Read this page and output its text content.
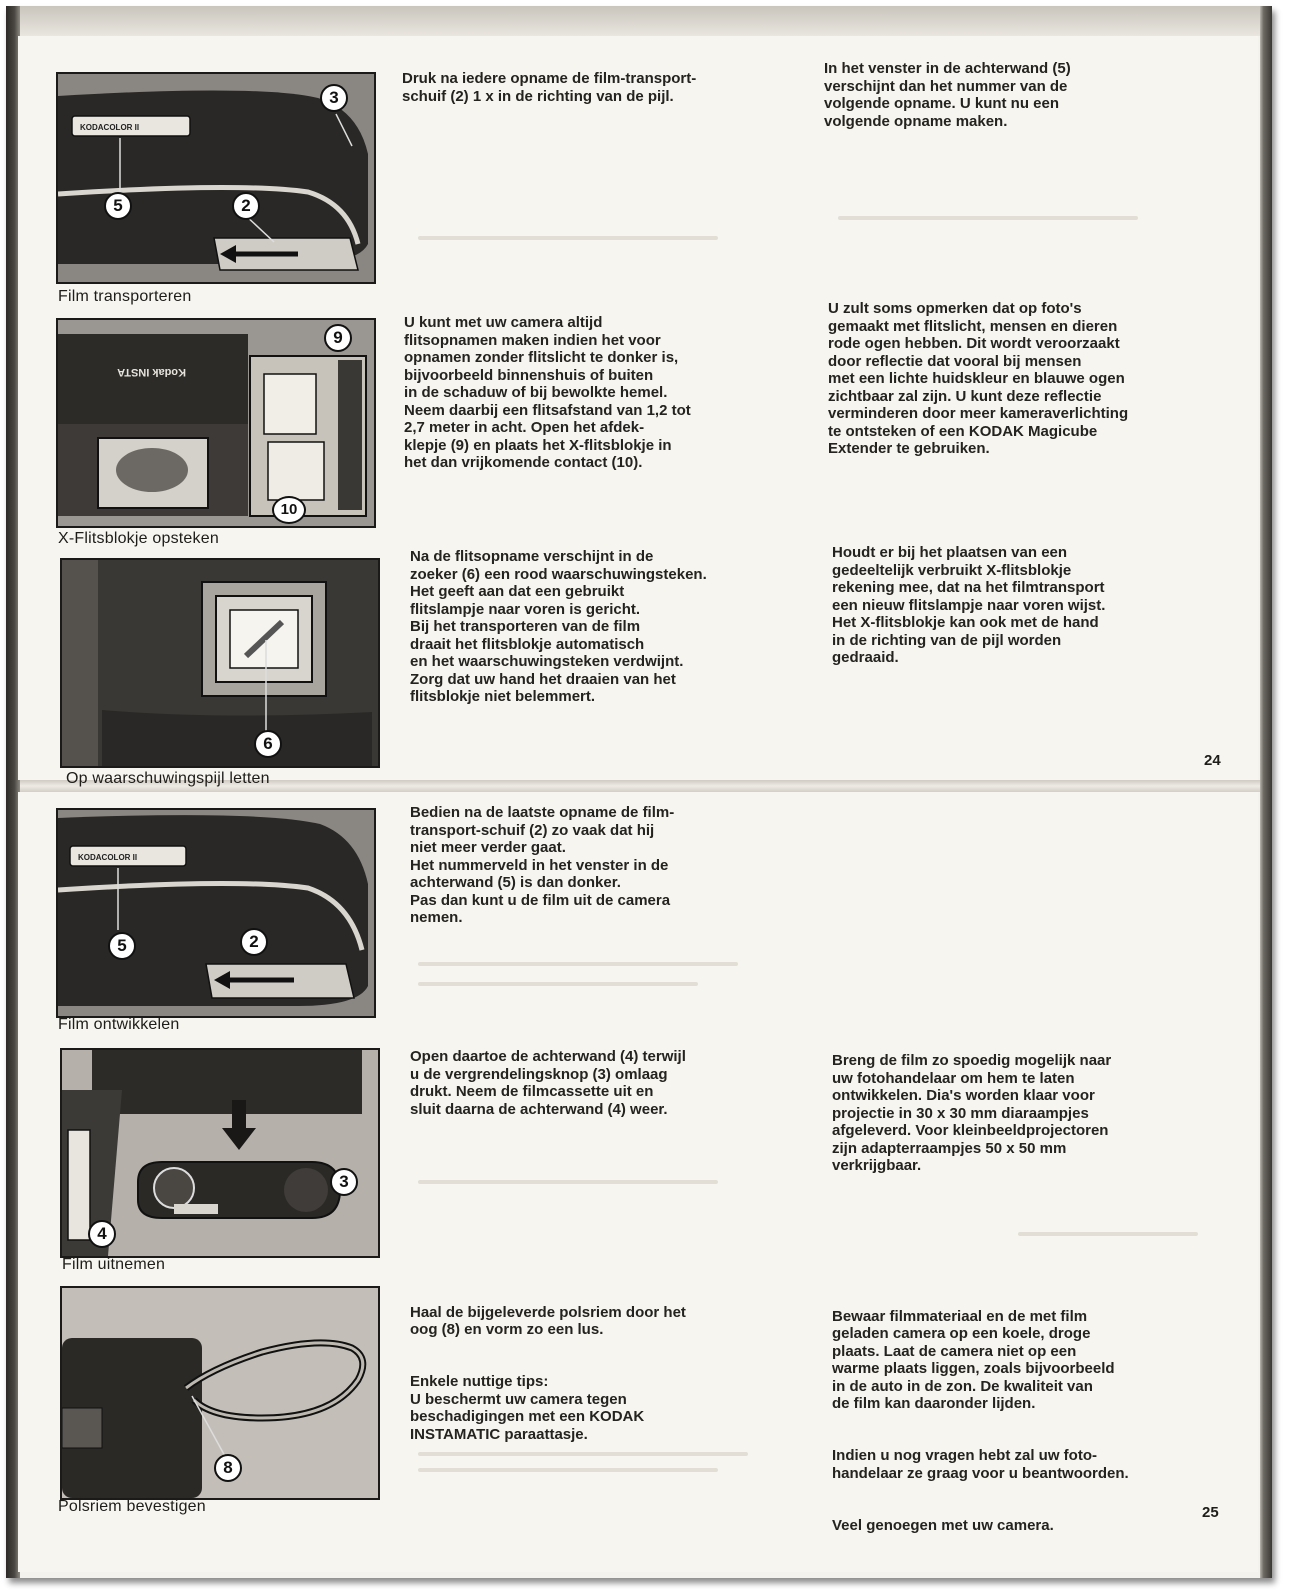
KODACOLOR II
3
5	2
Film transporteren
Druk na iedere opname de film-transport-
schuif (2) 1 x in de richting van de pijl.
In het venster in de achterwand (5)
verschijnt dan het nummer van de
volgende opname. U kunt nu een
volgende opname maken.
Kodak INSTA
9
10
X-Flitsblokje opsteken
U kunt met uw camera altijd
flitsopnamen maken indien het voor
opnamen zonder flitslicht te donker is,
bijvoorbeeld binnenshuis of buiten
in de schaduw of bij bewolkte hemel.
Neem daarbij een flitsafstand van 1,2 tot
2,7 meter in acht. Open het afdek-
klepje (9) en plaats het X-flitsblokje in
het dan vrijkomende contact (10).
U zult soms opmerken dat op foto's
gemaakt met flitslicht, mensen en dieren
rode ogen hebben. Dit wordt veroorzaakt
door reflectie dat vooral bij mensen
met een lichte huidskleur en blauwe ogen
zichtbaar zal zijn. U kunt deze reflectie
verminderen door meer kameraverlichting
te ontsteken of een KODAK Magicube
Extender te gebruiken.
6
Op waarschuwingspijl letten
Na de flitsopname verschijnt in de
zoeker (6) een rood waarschuwingsteken.
Het geeft aan dat een gebruikt
flitslampje naar voren is gericht.
Bij het transporteren van de film
draait het flitsblokje automatisch
en het waarschuwingsteken verdwijnt.
Zorg dat uw hand het draaien van het
flitsblokje niet belemmert.
Houdt er bij het plaatsen van een
gedeeltelijk verbruikt X-flitsblokje
rekening mee, dat na het filmtransport
een nieuw flitslampje naar voren wijst.
Het X-flitsblokje kan ook met de hand
in de richting van de pijl worden
gedraaid.
24
KODACOLOR II
5	2
Film ontwikkelen
Bedien na de laatste opname de film-
transport-schuif (2) zo vaak dat hij
niet meer verder gaat.
Het nummerveld in het venster in de
achterwand (5) is dan donker.
Pas dan kunt u de film uit de camera
nemen.
3
4
Film uitnemen
Open daartoe de achterwand (4) terwijl
u de vergrendelingsknop (3) omlaag
drukt. Neem de filmcassette uit en
sluit daarna de achterwand (4) weer.
Breng de film zo spoedig mogelijk naar
uw fotohandelaar om hem te laten
ontwikkelen. Dia's worden klaar voor
projectie in 30 x 30 mm diaraampjes
afgeleverd. Voor kleinbeeldprojectoren
zijn adapterraampjes 50 x 50 mm
verkrijgbaar.
8
Polsriem bevestigen

Haal de bijgeleverde polsriem door het
oog (8) en vorm zo een lus.

Enkele nuttige tips:
U beschermt uw camera tegen
beschadigingen met een KODAK
INSTAMATIC paraattasje.

Bewaar filmmateriaal en de met film
geladen camera op een koele, droge
plaats. Laat de camera niet op een
warme plaats liggen, zoals bijvoorbeeld
in de auto in de zon. De kwaliteit van
de film kan daaronder lijden.

Indien u nog vragen hebt zal uw foto-
handelaar ze graag voor u beantwoorden.

Veel genoegen met uw camera.

25
